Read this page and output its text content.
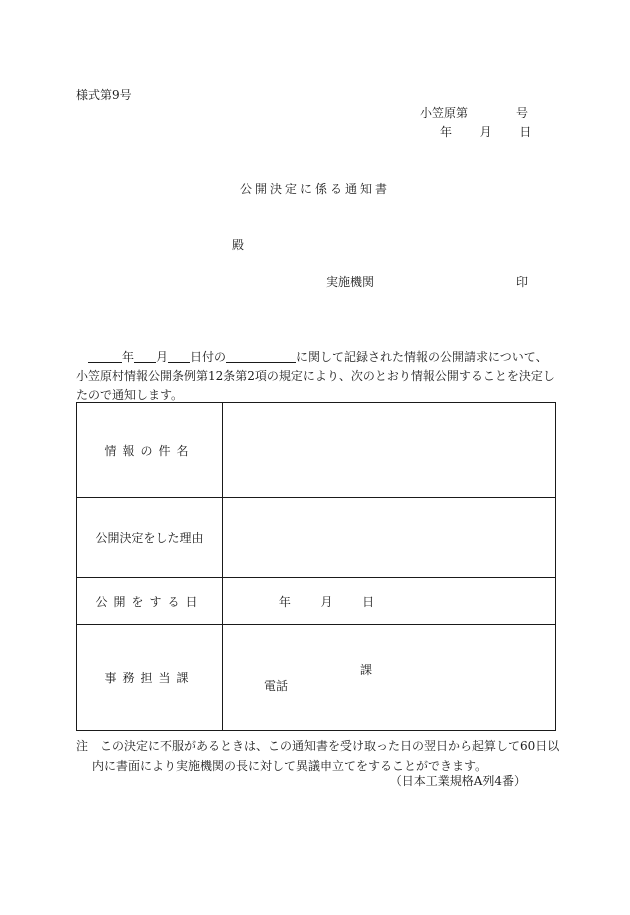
様式第9号
小笠原第	号
年 月 日
公開決定に係る通知書
殿
実施機関	印
年 月 日付の	に関して記録された情報の公開請求について、
小笠原村情報公開条例第12条第2項の規定により、次のとおり情報公開することを決定し
たので通知します。
情報の件名	
公開決定をした理由	
公開をする日	年 月 日
事務担当課	課
電話
注　この決定に不服があるときは、この通知書を受け取った日の翌日から起算して60日以
内に書面により実施機関の長に対して異議申立てをすることができます。
（日本工業規格A列4番）
